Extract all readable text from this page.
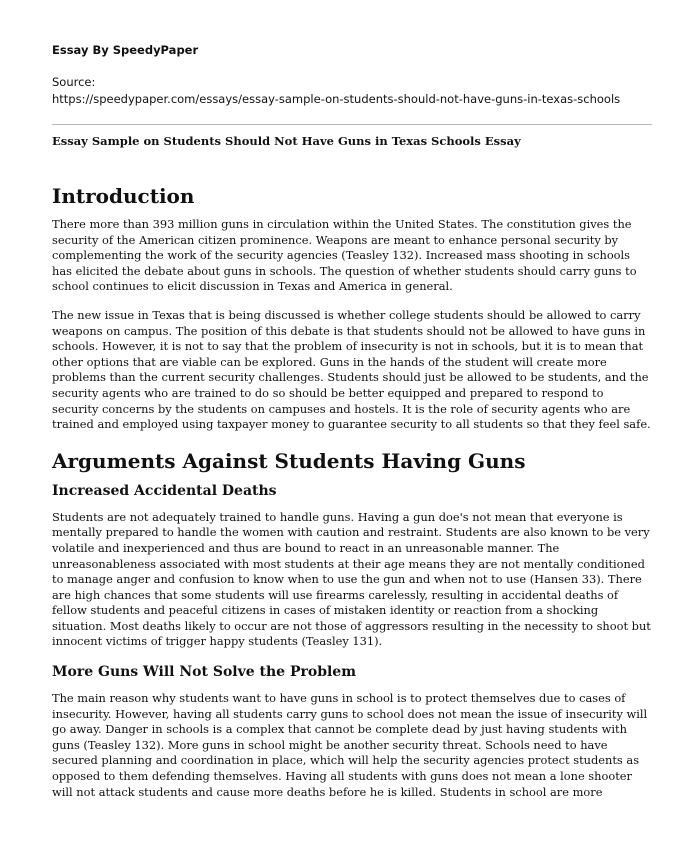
Essay By SpeedyPaper

Source:

https://speedypaper.com/essays/essay-sample-on-students-should-not-have-guns-in-texas-schools

Essay Sample on Students Should Not Have Guns in Texas Schools Essay

Introduction

There more than 393 million guns in circulation within the United States. The constitution gives the security of the American citizen prominence. Weapons are meant to enhance personal security by complementing the work of the security agencies (Teasley 132). Increased mass shooting in schools has elicited the debate about guns in schools. The question of whether students should carry guns to school continues to elicit discussion in Texas and America in general.

The new issue in Texas that is being discussed is whether college students should be allowed to carry weapons on campus. The position of this debate is that students should not be allowed to have guns in schools. However, it is not to say that the problem of insecurity is not in schools, but it is to mean that other options that are viable can be explored. Guns in the hands of the student will create more problems than the current security challenges. Students should just be allowed to be students, and the security agents who are trained to do so should be better equipped and prepared to respond to security concerns by the students on campuses and hostels. It is the role of security agents who are trained and employed using taxpayer money to guarantee security to all students so that they feel safe.

Arguments Against Students Having Guns
Increased Accidental Deaths

Students are not adequately trained to handle guns. Having a gun doe's not mean that everyone is mentally prepared to handle the women with caution and restraint. Students are also known to be very volatile and inexperienced and thus are bound to react in an unreasonable manner. The unreasonableness associated with most students at their age means they are not mentally conditioned to manage anger and confusion to know when to use the gun and when not to use (Hansen 33). There are high chances that some students will use firearms carelessly, resulting in accidental deaths of fellow students and peaceful citizens in cases of mistaken identity or reaction from a shocking situation. Most deaths likely to occur are not those of aggressors resulting in the necessity to shoot but innocent victims of trigger happy students (Teasley 131).

More Guns Will Not Solve the Problem

The main reason why students want to have guns in school is to protect themselves due to cases of insecurity. However, having all students carry guns to school does not mean the issue of insecurity will go away. Danger in schools is a complex that cannot be complete dead by just having students with guns (Teasley 132). More guns in school might be another security threat. Schools need to have secured planning and coordination in place, which will help the security agencies protect students as opposed to them defending themselves. Having all students with guns does not mean a lone shooter will not attack students and cause more deaths before he is killed. Students in school are more
